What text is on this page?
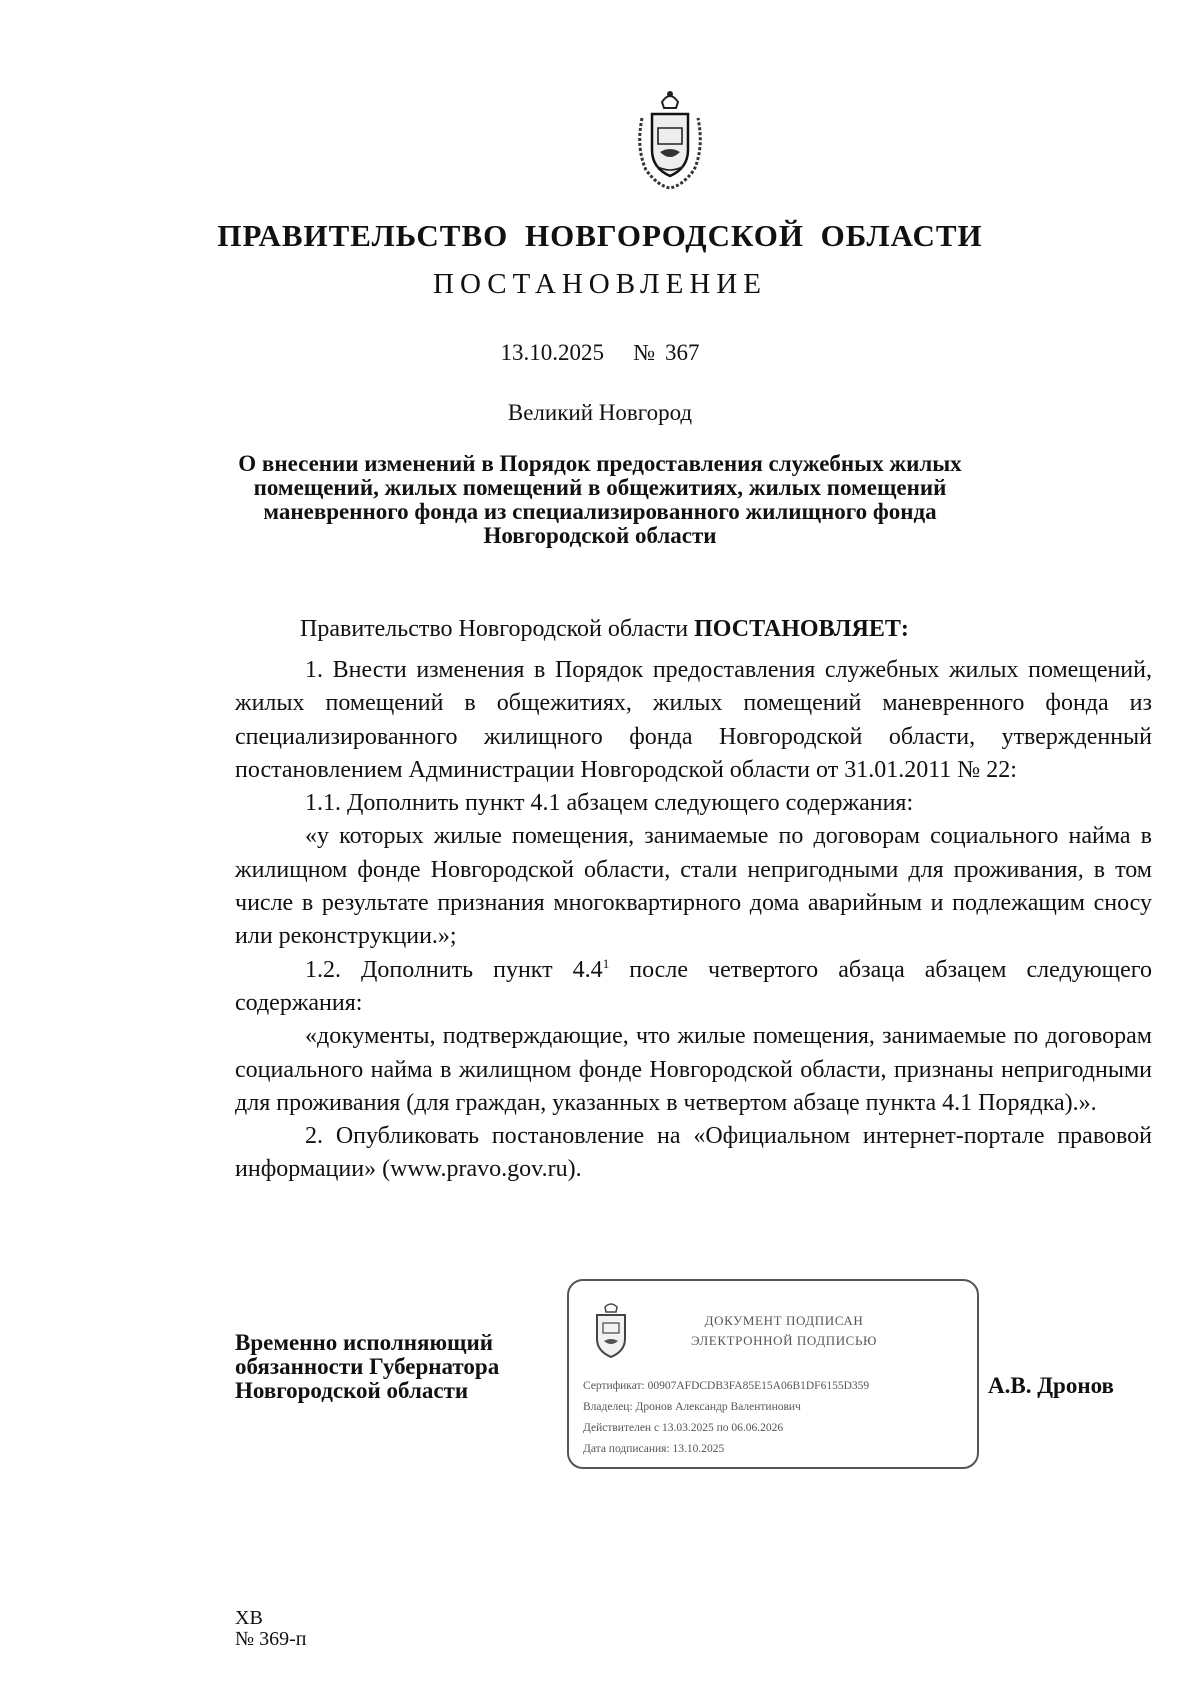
ПРАВИТЕЛЬСТВО НОВГОРОДСКОЙ ОБЛАСТИ
ПОСТАНОВЛЕНИЕ
13.10.2025   № 367
Великий Новгород
О внесении изменений в Порядок предоставления служебных жилых помещений, жилых помещений в общежитиях, жилых помещений маневренного фонда из специализированного жилищного фонда Новгородской области
Правительство Новгородской области ПОСТАНОВЛЯЕТ:

1. Внести изменения в Порядок предоставления служебных жилых помещений, жилых помещений в общежитиях, жилых помещений маневренного фонда из специализированного жилищного фонда Новгородской области, утвержденный постановлением Администрации Новгородской области от 31.01.2011 № 22:

1.1. Дополнить пункт 4.1 абзацем следующего содержания:

«у которых жилые помещения, занимаемые по договорам социального найма в жилищном фонде Новгородской области, стали непригодными для проживания, в том числе в результате признания многоквартирного дома аварийным и подлежащим сносу или реконструкции.»;

1.2. Дополнить пункт $4.4^1$ после четвертого абзаца абзацем следующего содержания:

«документы, подтверждающие, что жилые помещения, занимаемые по договорам социального найма в жилищном фонде Новгородской области, признаны непригодными для проживания (для граждан, указанных в четвертом абзаце пункта 4.1 Порядка).».

2. Опубликовать постановление на «Официальном интернет-портале правовой информации» (www.pravo.gov.ru).

Временно исполняющий
обязанности Губернатора
Новгородской области
ДОКУМЕНТ ПОДПИСАН
ЭЛЕКТРОННОЙ ПОДПИСЬЮ
Сертификат: 00907AFDCDB3FA85E15A06B1DF6155D359
Владелец: Дронов Александр Валентинович
Действителен с 13.03.2025 по 06.06.2026
Дата подписания: 13.10.2025
А.В. Дронов
ХВ
№ 369-п
